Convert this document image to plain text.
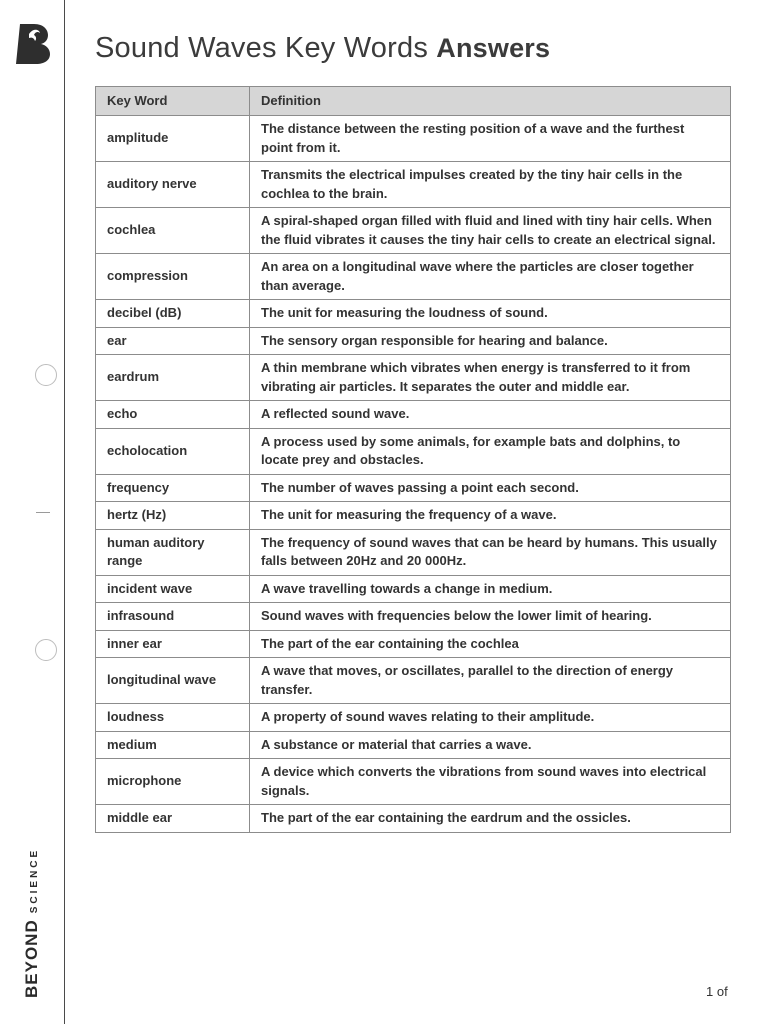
BEYONDSCIENCE
Sound Waves Key Words Answers
Key Word	Definition
amplitude	The distance between the resting position of a wave and the furthest point from it.
auditory nerve	Transmits the electrical impulses created by the tiny hair cells in the cochlea to the brain.
cochlea	A spiral-shaped organ filled with fluid and lined with tiny hair cells. When the fluid vibrates it causes the tiny hair cells to create an electrical signal.
compression	An area on a longitudinal wave where the particles are closer together than average.
decibel (dB)	The unit for measuring the loudness of sound.
ear	The sensory organ responsible for hearing and balance.
eardrum	A thin membrane which vibrates when energy is transferred to it from vibrating air particles. It separates the outer and middle ear.
echo	A reflected sound wave.
echolocation	A process used by some animals, for example bats and dolphins, to locate prey and obstacles.
frequency	The number of waves passing a point each second.
hertz (Hz)	The unit for measuring the frequency of a wave.
human auditory range	The frequency of sound waves that can be heard by humans. This usually falls between 20Hz and 20 000Hz.
incident wave	A wave travelling towards a change in medium.
infrasound	Sound waves with frequencies below the lower limit of hearing.
inner ear	The part of the ear containing the cochlea
longitudinal wave	A wave that moves, or oscillates, parallel to the direction of energy transfer.
loudness	A property of sound waves relating to their amplitude.
medium	A substance or material that carries a wave.
microphone	A device which converts the vibrations from sound waves into electrical signals.
middle ear	The part of the ear containing the eardrum and the ossicles.
1 of
